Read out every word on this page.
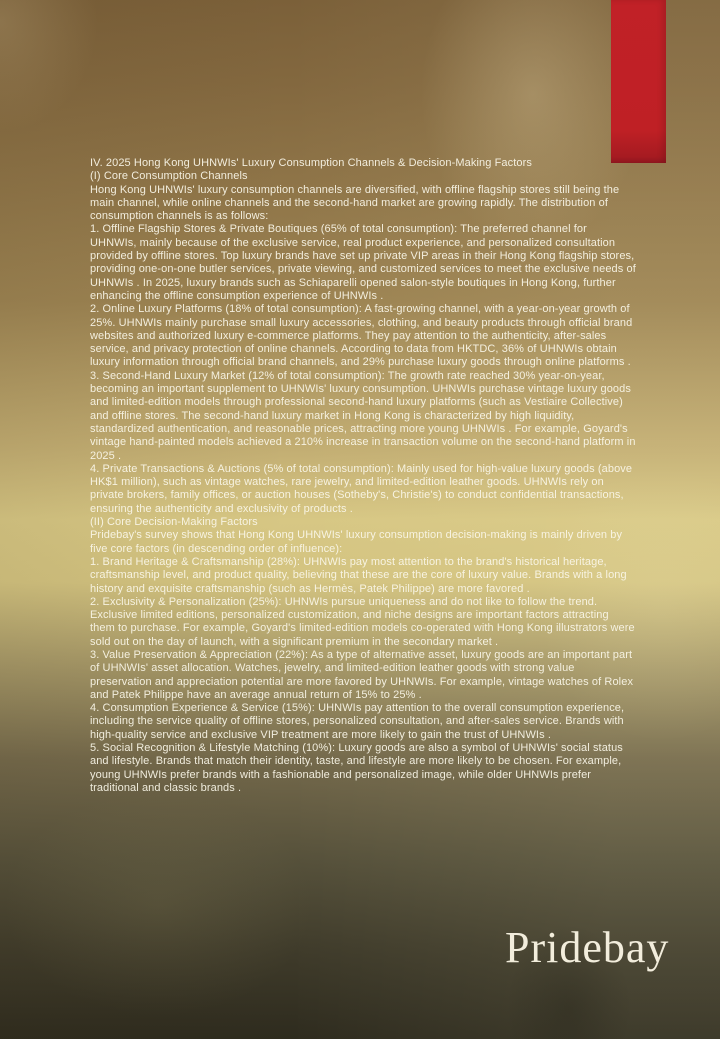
IV. 2025 Hong Kong UHNWIs' Luxury Consumption Channels & Decision-Making Factors

(I) Core Consumption Channels

Hong Kong UHNWIs' luxury consumption channels are diversified, with offline flagship stores still being the main channel, while online channels and the second-hand market are growing rapidly. The distribution of consumption channels is as follows:

1. Offline Flagship Stores & Private Boutiques (65% of total consumption): The preferred channel for UHNWIs, mainly because of the exclusive service, real product experience, and personalized consultation provided by offline stores. Top luxury brands have set up private VIP areas in their Hong Kong flagship stores, providing one-on-one butler services, private viewing, and customized services to meet the exclusive needs of UHNWIs . In 2025, luxury brands such as Schiaparelli opened salon-style boutiques in Hong Kong, further enhancing the offline consumption experience of UHNWIs .

2. Online Luxury Platforms (18% of total consumption): A fast-growing channel, with a year-on-year growth of 25%. UHNWIs mainly purchase small luxury accessories, clothing, and beauty products through official brand websites and authorized luxury e-commerce platforms. They pay attention to the authenticity, after-sales service, and privacy protection of online channels. According to data from HKTDC, 36% of UHNWIs obtain luxury information through official brand channels, and 29% purchase luxury goods through online platforms .

3. Second-Hand Luxury Market (12% of total consumption): The growth rate reached 30% year-on-year, becoming an important supplement to UHNWIs' luxury consumption. UHNWIs purchase vintage luxury goods and limited-edition models through professional second-hand luxury platforms (such as Vestiaire Collective) and offline stores. The second-hand luxury market in Hong Kong is characterized by high liquidity, standardized authentication, and reasonable prices, attracting more young UHNWIs . For example, Goyard's vintage hand-painted models achieved a 210% increase in transaction volume on the second-hand platform in 2025 .

4. Private Transactions & Auctions (5% of total consumption): Mainly used for high-value luxury goods (above HK$1 million), such as vintage watches, rare jewelry, and limited-edition leather goods. UHNWIs rely on private brokers, family offices, or auction houses (Sotheby's, Christie's) to conduct confidential transactions, ensuring the authenticity and exclusivity of products .

(II) Core Decision-Making Factors

Pridebay's survey shows that Hong Kong UHNWIs' luxury consumption decision-making is mainly driven by five core factors (in descending order of influence):

1. Brand Heritage & Craftsmanship (28%): UHNWIs pay most attention to the brand's historical heritage, craftsmanship level, and product quality, believing that these are the core of luxury value. Brands with a long history and exquisite craftsmanship (such as Hermès, Patek Philippe) are more favored .

2. Exclusivity & Personalization (25%): UHNWIs pursue uniqueness and do not like to follow the trend. Exclusive limited editions, personalized customization, and niche designs are important factors attracting them to purchase. For example, Goyard's limited-edition models co-operated with Hong Kong illustrators were sold out on the day of launch, with a significant premium in the secondary market .

3. Value Preservation & Appreciation (22%): As a type of alternative asset, luxury goods are an important part of UHNWIs' asset allocation. Watches, jewelry, and limited-edition leather goods with strong value preservation and appreciation potential are more favored by UHNWIs. For example, vintage watches of Rolex and Patek Philippe have an average annual return of 15% to 25% .

4. Consumption Experience & Service (15%): UHNWIs pay attention to the overall consumption experience, including the service quality of offline stores, personalized consultation, and after-sales service. Brands with high-quality service and exclusive VIP treatment are more likely to gain the trust of UHNWIs .

5. Social Recognition & Lifestyle Matching (10%): Luxury goods are also a symbol of UHNWIs' social status and lifestyle. Brands that match their identity, taste, and lifestyle are more likely to be chosen. For example, young UHNWIs prefer brands with a fashionable and personalized image, while older UHNWIs prefer traditional and classic brands .

Pridebay
